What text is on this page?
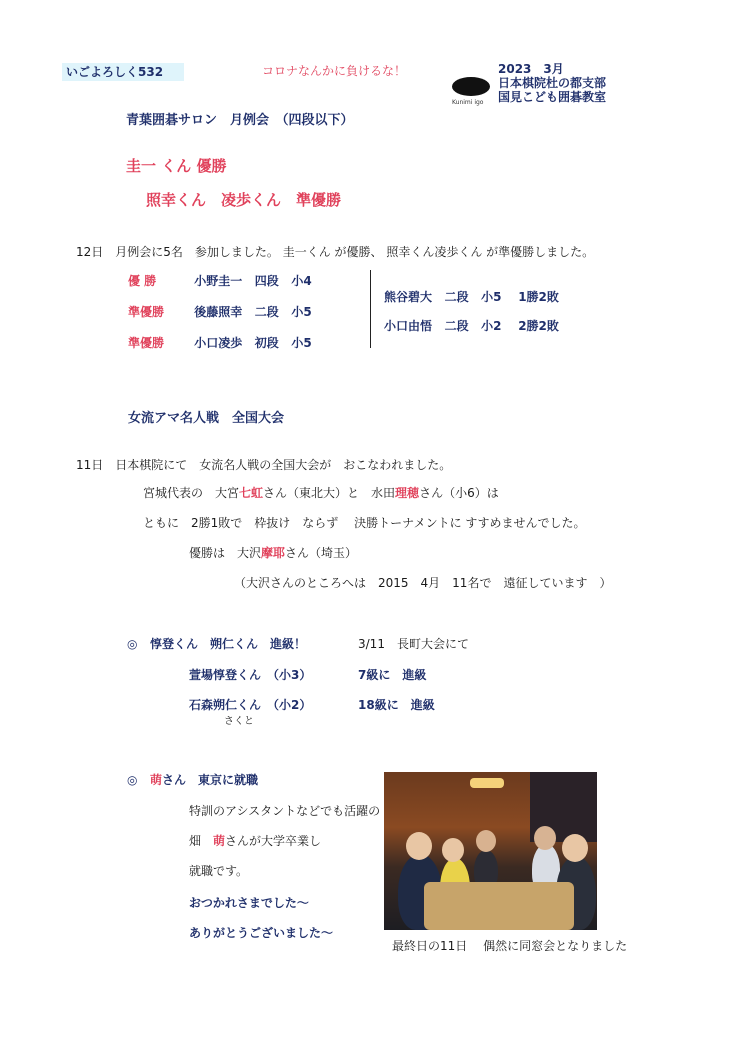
いごよろしく532	コロナなんかに負けるな！
Kunimi igo
2023　3月
日本棋院杜の都支部
国見こども囲碁教室
青葉囲碁サロン　月例会　（四段以下）
圭一 くん 優勝
照幸くん　凌歩くん　準優勝
12日　月例会に5名　参加しました。 圭一くん が優勝、 照幸くん凌歩くん が準優勝しました。
優 勝	小野圭一 四段 小4
準優勝	後藤照幸 二段 小5
準優勝	小口凌歩 初段 小5
熊谷碧大 二段 小5 1勝2敗
小口由悟 二段 小2 2勝2敗
女流アマ名人戦　全国大会
11日　日本棋院にて　女流名人戦の全国大会が　おこなわれました。
宮城代表の　大宮七虹さん（東北大）と　水田理穂さん（小6）は
ともに　2勝1敗で　枠抜け　ならず　 決勝トーナメントに すすめませんでした。
優勝は　大沢摩耶さん（埼玉）
（大沢さんのところへは　2015　4月　11名で　遠征しています　）
◎ 惇登くん　朔仁くん　進級！	3/11　長町大会にて
萱場惇登くん　（小3）	7級に　進級
石森朔仁くん　（小2）	18級に　進級
さくと
◎ 萌さん　東京に就職
特訓のアシスタントなどでも活躍の
畑　萌さんが大学卒業し
就職です。
おつかれさまでした～
ありがとうございました～
最終日の11日　 偶然に同窓会となりました
